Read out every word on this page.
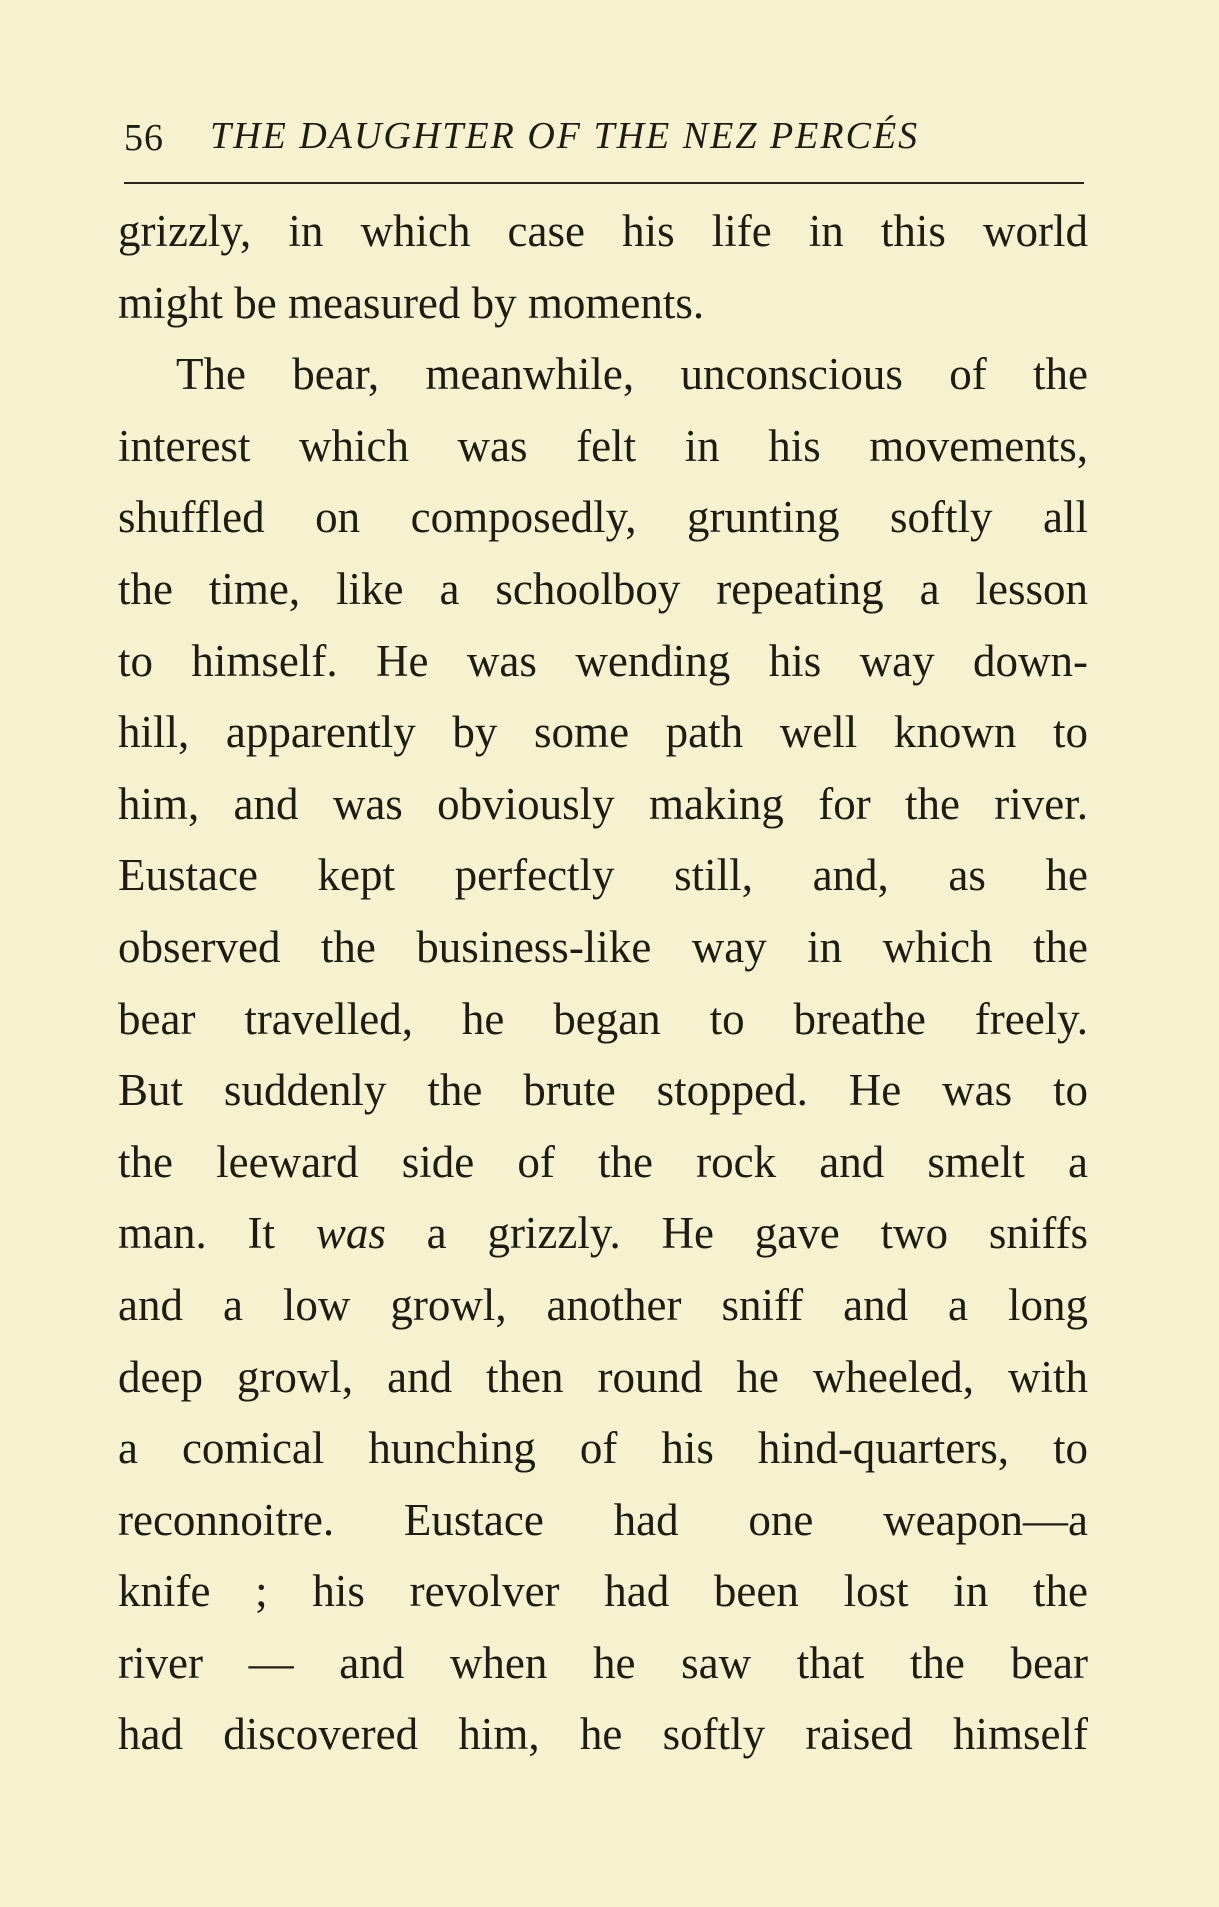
56 THE DAUGHTER OF THE NEZ PERCÉS
grizzly, in which case his life in this world
might be measured by moments.
The bear, meanwhile, unconscious of the
interest which was felt in his movements,
shuffled on composedly, grunting softly all
the time, like a schoolboy repeating a lesson
to himself. He was wending his way down-
hill, apparently by some path well known to
him, and was obviously making for the river.
Eustace kept perfectly still, and, as he
observed the business-like way in which the
bear travelled, he began to breathe freely.
But suddenly the brute stopped. He was to
the leeward side of the rock and smelt a
man. It was a grizzly. He gave two sniffs
and a low growl, another sniff and a long
deep growl, and then round he wheeled, with
a comical hunching of his hind-quarters, to
reconnoitre. Eustace had one weapon—a
knife ; his revolver had been lost in the
river — and when he saw that the bear
had discovered him, he softly raised himself
